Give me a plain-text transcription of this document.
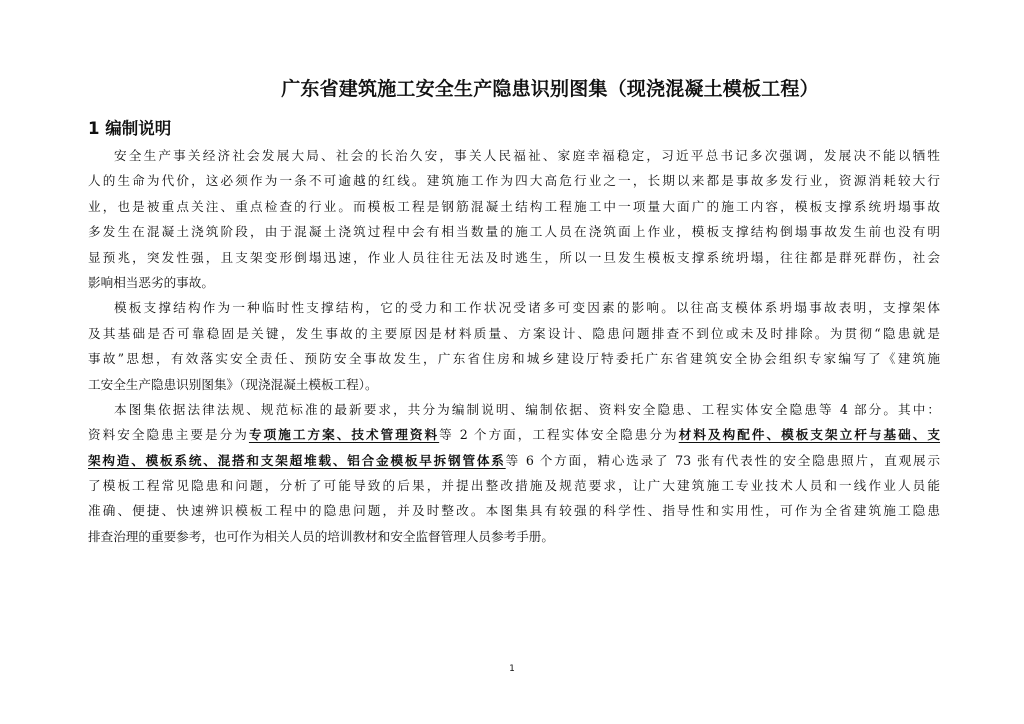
广东省建筑施工安全生产隐患识别图集（现浇混凝土模板工程）
1 编制说明
安全生产事关经济社会发展大局、社会的长治久安，事关人民福祉、家庭幸福稳定，习近平总书记多次强调，发展决不能以牺牲
人的生命为代价，这必须作为一条不可逾越的红线。建筑施工作为四大高危行业之一，长期以来都是事故多发行业，资源消耗较大行
业，也是被重点关注、重点检查的行业。而模板工程是钢筋混凝土结构工程施工中一项量大面广的施工内容，模板支撑系统坍塌事故
多发生在混凝土浇筑阶段，由于混凝土浇筑过程中会有相当数量的施工人员在浇筑面上作业，模板支撑结构倒塌事故发生前也没有明
显预兆，突发性强，且支架变形倒塌迅速，作业人员往往无法及时逃生，所以一旦发生模板支撑系统坍塌，往往都是群死群伤，社会
影响相当恶劣的事故。
模板支撑结构作为一种临时性支撑结构，它的受力和工作状况受诸多可变因素的影响。以往高支模体系坍塌事故表明，支撑架体
及其基础是否可靠稳固是关键，发生事故的主要原因是材料质量、方案设计、隐患问题排查不到位或未及时排除。为贯彻“隐患就是
事故”思想，有效落实安全责任、预防安全事故发生，广东省住房和城乡建设厅特委托广东省建筑安全协会组织专家编写了《建筑施
工安全生产隐患识别图集》（现浇混凝土模板工程）。
本图集依据法律法规、规范标准的最新要求，共分为编制说明、编制依据、资料安全隐患、工程实体安全隐患等 4 部分。其中：
资料安全隐患主要是分为专项施工方案、技术管理资料等 2 个方面，工程实体安全隐患分为材料及构配件、模板支架立杆与基础、支
架构造、模板系统、混搭和支架超堆载、铝合金模板早拆钢管体系等 6 个方面，精心选录了 73 张有代表性的安全隐患照片，直观展示
了模板工程常见隐患和问题，分析了可能导致的后果，并提出整改措施及规范要求，让广大建筑施工专业技术人员和一线作业人员能
准确、便捷、快速辨识模板工程中的隐患问题，并及时整改。本图集具有较强的科学性、指导性和实用性，可作为全省建筑施工隐患
排查治理的重要参考，也可作为相关人员的培训教材和安全监督管理人员参考手册。
1
